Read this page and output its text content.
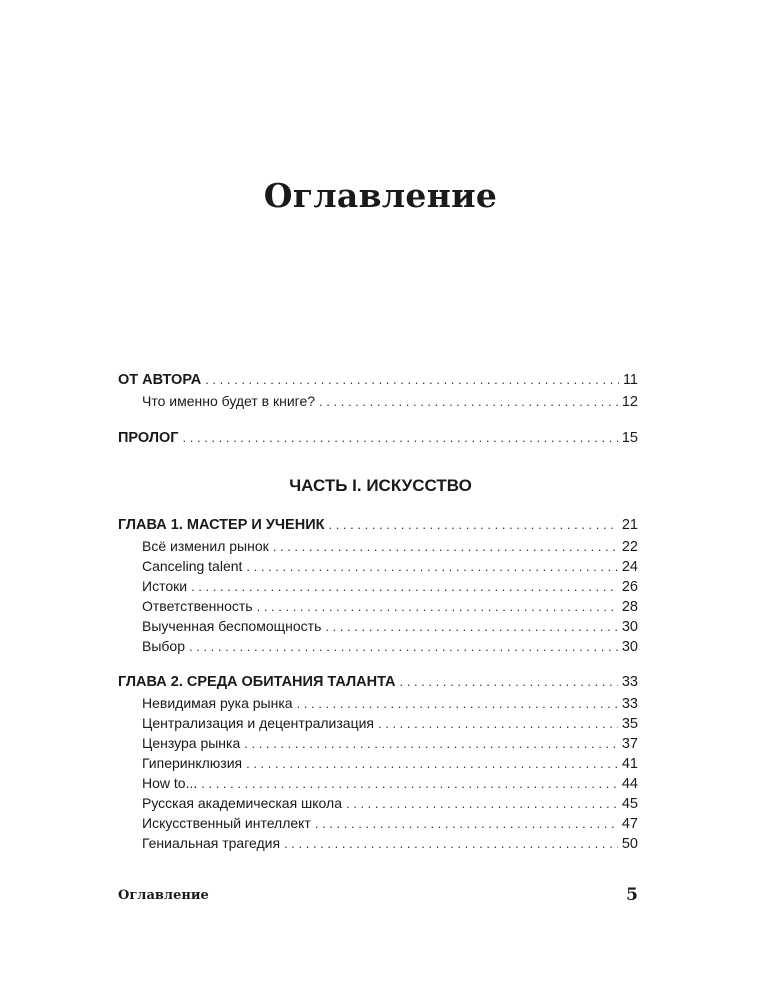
Оглавление
ОТ АВТОРА . . .	11
Что именно будет в книге? . . .	12
ПРОЛОГ . . .	15
ГЛАВА 1. МАСТЕР И УЧЕНИК . . .	21
Всё изменил рынок . . .	22
Canceling talent . . .	24
Истоки . . .	26
Ответственность . . .	28
Выученная беспомощность . . .	30
Выбор . . .	30
ГЛАВА 2. СРЕДА ОБИТАНИЯ ТАЛАНТА . . .	33
Невидимая рука рынка . . .	33
Централизация и децентрализация . . .	35
Цензура рынка . . .	37
Гиперинклюзия . . .	41
How to... . . .	44
Русская академическая школа . . .	45
Искусственный интеллект . . .	47
Гениальная трагедия . . .	50
ЧАСТЬ I. ИСКУССТВО
Оглавление	5
